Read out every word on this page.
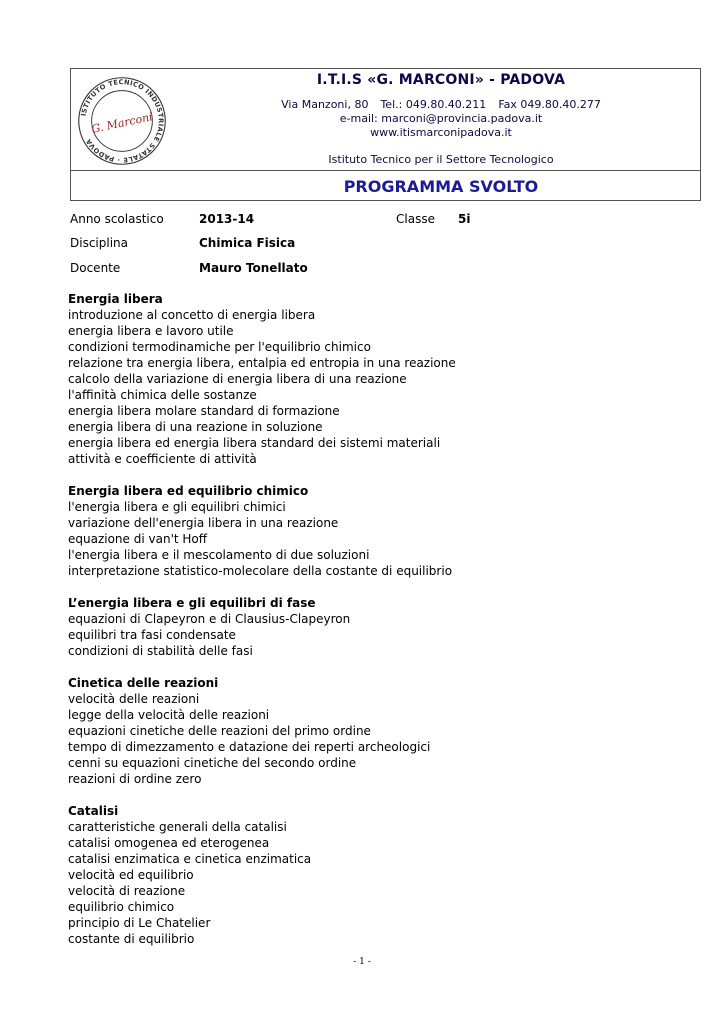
ISTITUTO TECNICO INDUSTRIALE STATALE · PADOVA
G. Marconi
I.T.I.S «G. MARCONI» - PADOVA
Via Manzoni, 80 Tel.: 049.80.40.211 Fax 049.80.40.277
e-mail: marconi@provincia.padova.it
www.itismarconipadova.it
Istituto Tecnico per il Settore Tecnologico
PROGRAMMA SVOLTO
Anno scolastico	2013-14	Classe 5i
Disciplina	Chimica Fisica
Docente	Mauro Tonellato
Energia libera
introduzione al concetto di energia libera
energia libera e lavoro utile
condizioni termodinamiche per l'equilibrio chimico
relazione tra energia libera, entalpia ed entropia in una reazione
calcolo della variazione di energia libera di una reazione
l'affinità chimica delle sostanze
energia libera molare standard di formazione
energia libera di una reazione in soluzione
energia libera ed energia libera standard dei sistemi materiali
attività e coefficiente di attività
Energia libera ed equilibrio chimico
l'energia libera e gli equilibri chimici
variazione dell'energia libera in una reazione
equazione di van't Hoff
l'energia libera e il mescolamento di due soluzioni
interpretazione statistico-molecolare della costante di equilibrio
L’energia libera e gli equilibri di fase
equazioni di Clapeyron e di Clausius-Clapeyron
equilibri tra fasi condensate
condizioni di stabilità delle fasi
Cinetica delle reazioni
velocità delle reazioni
legge della velocità delle reazioni
equazioni cinetiche delle reazioni del primo ordine
tempo di dimezzamento e datazione dei reperti archeologici
cenni su equazioni cinetiche del secondo ordine
reazioni di ordine zero
Catalisi
caratteristiche generali della catalisi
catalisi omogenea ed eterogenea
catalisi enzimatica e cinetica enzimatica
velocità ed equilibrio
velocità di reazione
equilibrio chimico
principio di Le Chatelier
costante di equilibrio
- 1 -
